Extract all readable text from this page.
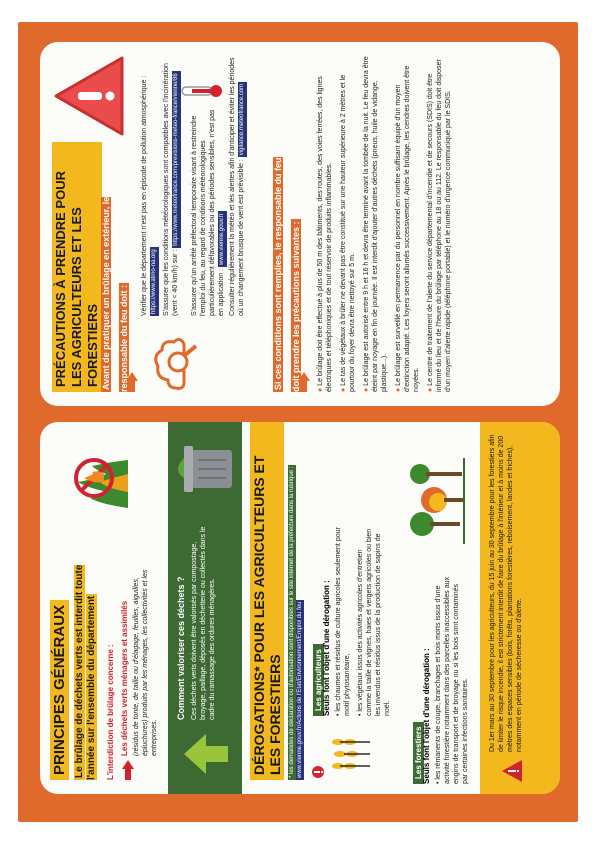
PRINCIPES GÉNÉRAUX Le brûlage de déchets verts est interdit toute l'année sur l'ensemble du département L'interdiction de brûlage concerne : Les déchets verts ménagers et assimilés (résidus de tonte, de taille ou d'élagage, feuilles, aiguilles, épluchures) produits par les ménages, les collectivités et les entreprises.
Comment valoriser ces déchets ? Ces déchets verts doivent être valorisés par compostage, broyage, paillage, déposés en déchetterie ou collectés dans le cadre du ramassage des ordures ménagères.	DÉROGATIONS* POUR LES AGRICULTEURS ET LES FORESTIERS	* les demandes de déclaration ou d'autorisation sont disponibles sur le site internet de la préfecture dans la rubrique : www.vienne.gouv.fr/Actions de l'Etat/Environnement/Emploi du feu	Les agriculteurs Seuls font l'objet d'une dérogation : • les chaumes et résidus de culture agricoles seulement pour motif phytosanitaire, • les végétaux issus des activités agricoles d'entretien comme la taille de vignes, haies et vergers agricoles ou bien les invendus et résidus issus de la production de sapins de noël.
Les forestiers Seuls font l'objet d'une dérogation : • les rémanents de coupe, branchages et bois morts issus d'une activité forestière notamment dans des parcelles inaccessibles aux engins de transport et de broyage ou si les bois sont contaminés par certaines infections sanitaires.	Du 1er mars au 30 septembre pour les agriculteurs, du 15 juin au 30 septembre pour les forestiers afin de limiter le risque incendie, il est strictement interdit de faire du brûlage à l'intérieur et à moins de 200 mètres des espaces sensibles (bois, forêts, plantations forestières, reboisement, landes et friches), notamment en période de sécheresse ou d'alerte.
PRÉCAUTIONS À PRENDRE POUR LES AGRICULTEURS ET LES FORESTIERS Avant de pratiquer un brûlage en extérieur, le responsable du feu doit :
Vérifier que le département n'est pas en épisode de pollution atmosphérique : https://www.atmo-na.org S'assurer que les conditions météorologiques sont compatibles avec l'incinération (vent < 40 km/h) sur : https://www.meteofrance.com/previsions-meteo-france/vienne/86 S'assurer qu'un arrêté préfectoral temporaire visant à restreindre l'emploi du feu, au regard de conditions météorologiques particulièrement défavorables ou des périodes sensibles, n'est pas en application : www.vienne.gouv.fr Consulter régulièrement la météo et les alertes afin d'anticiper et éviter les périodes où un changement brusque de vent est prévisible : vigilance.meteofrance.com
Si ces conditions sont remplies, le responsable du feu doit prendre les précautions suivantes :	● Le brûlage doit être effectué à plus de 50 m des bâtiments, des routes, des voies ferrées, des lignes électriques et téléphoniques et de tout réservoir de produits inflammables. ● Le tas de végétaux à brûler ne devant pas être constitué sur une hauteur supérieure à 2 mètres et le pourtour du foyer devra être nettoyé sur 5 m. ● Le brûlage est autorisé entre 9 h et 16 h et devra être terminé avant la tombée de la nuit. Le feu devra être éteint par noyage en fin de journée. Il est interdit d'ajouter d'autres déchets (pneus, huile de vidange, plastique...). ● Le brûlage est surveillé en permanence par du personnel en nombre suffisant équipé d'un moyen d'extinction adapté. Les foyers seront allumés successivement. Après le brûlage, les cendres doivent être noyées. ● Le centre de traitement de l'alerte du service départemental d'incendie et de secours (SDIS) doit être informé du lieu et de l'heure du brûlage par téléphone au 18 ou au 112. Le responsable du feu doit disposer d'un moyen d'alerte rapide (téléphone portable) et le numéro d'urgence communiqué par le SDIS.
